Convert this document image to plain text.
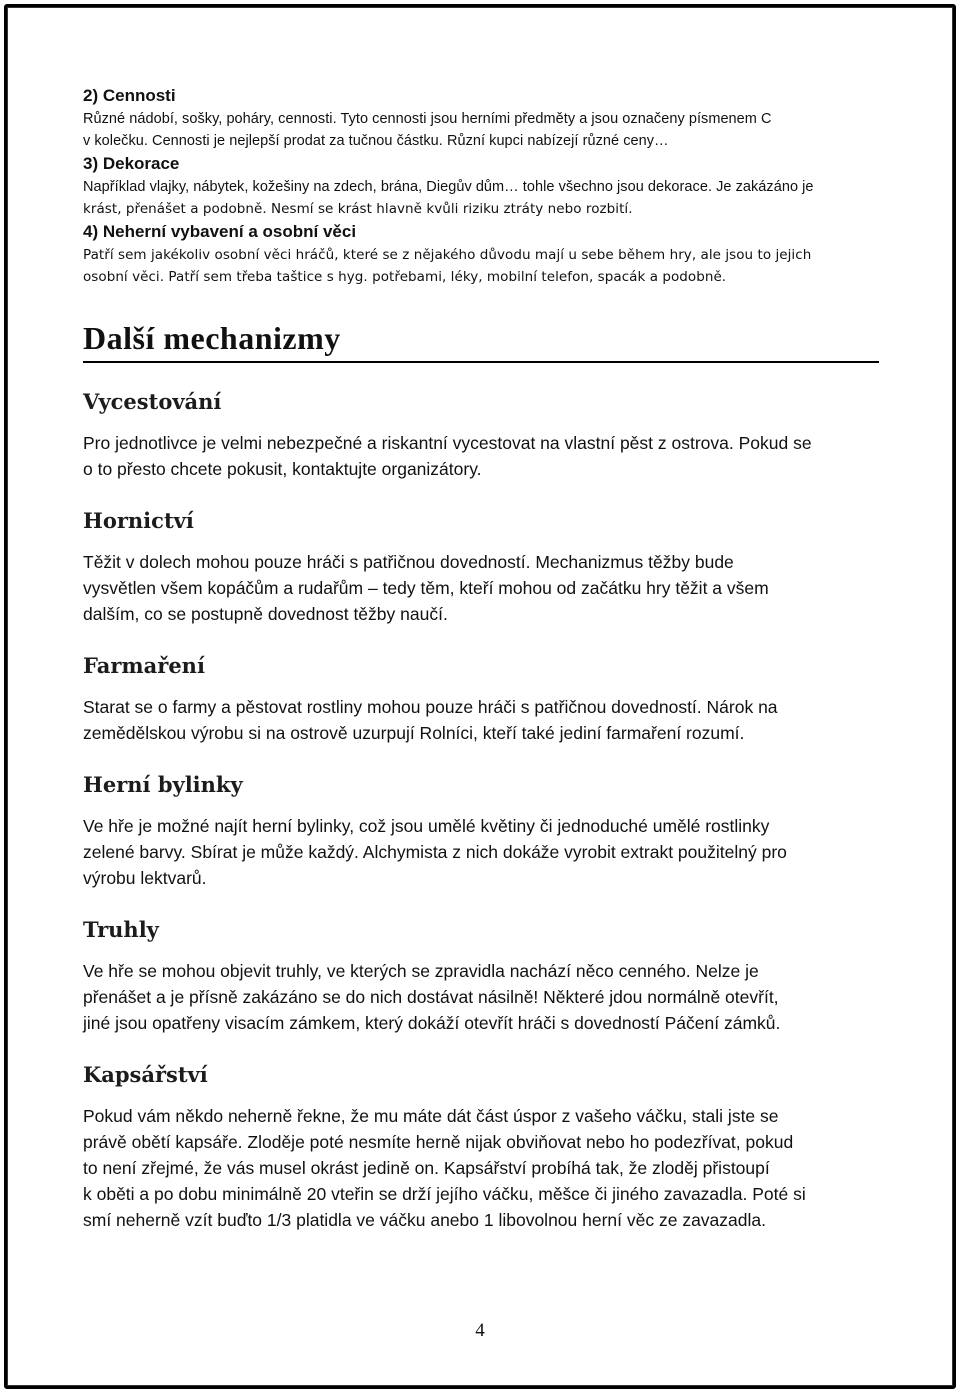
2) Cennosti

Různé nádobí, sošky, poháry, cennosti. Tyto cennosti jsou herními předměty a jsou označeny písmenem C

v kolečku. Cennosti je nejlepší prodat za tučnou částku. Různí kupci nabízejí různé ceny…

3) Dekorace

Například vlajky, nábytek, kožešiny na zdech, brána, Diegův dům… tohle všechno jsou dekorace. Je zakázáno je

krást, přenášet a podobně. Nesmí se krást hlavně kvůli riziku ztráty nebo rozbití.

4) Neherní vybavení a osobní věci

Patří sem jakékoliv osobní věci hráčů, které se z nějakého důvodu mají u sebe během hry, ale jsou to jejich

osobní věci. Patří sem třeba taštice s hyg. potřebami, léky, mobilní telefon, spacák a podobně.

Další mechanizmy
Vycestování

Pro jednotlivce je velmi nebezpečné a riskantní vycestovat na vlastní pěst z ostrova. Pokud se

o to přesto chcete pokusit, kontaktujte organizátory.

Hornictví

Těžit v dolech mohou pouze hráči s patřičnou dovedností. Mechanizmus těžby bude

vysvětlen všem kopáčům a rudařům – tedy těm, kteří mohou od začátku hry těžit a všem

dalším, co se postupně dovednost těžby naučí.

Farmaření

Starat se o farmy a pěstovat rostliny mohou pouze hráči s patřičnou dovedností. Nárok na

zemědělskou výrobu si na ostrově uzurpují Rolníci, kteří také jediní farmaření rozumí.

Herní bylinky

Ve hře je možné najít herní bylinky, což jsou umělé květiny či jednoduché umělé rostlinky

zelené barvy. Sbírat je může každý. Alchymista z nich dokáže vyrobit extrakt použitelný pro

výrobu lektvarů.

Truhly

Ve hře se mohou objevit truhly, ve kterých se zpravidla nachází něco cenného. Nelze je

přenášet a je přísně zakázáno se do nich dostávat násilně! Některé jdou normálně otevřít,

jiné jsou opatřeny visacím zámkem, který dokáží otevřít hráči s dovedností Páčení zámků.

Kapsářství

Pokud vám někdo neherně řekne, že mu máte dát část úspor z vašeho váčku, stali jste se

právě obětí kapsáře. Zloděje poté nesmíte herně nijak obviňovat nebo ho podezřívat, pokud

to není zřejmé, že vás musel okrást jedině on. Kapsářství probíhá tak, že zloděj přistoupí

k oběti a po dobu minimálně 20 vteřin se drží jejího váčku, měšce či jiného zavazadla. Poté si

smí neherně vzít buďto 1/3 platidla ve váčku anebo 1 libovolnou herní věc ze zavazadla.

4
